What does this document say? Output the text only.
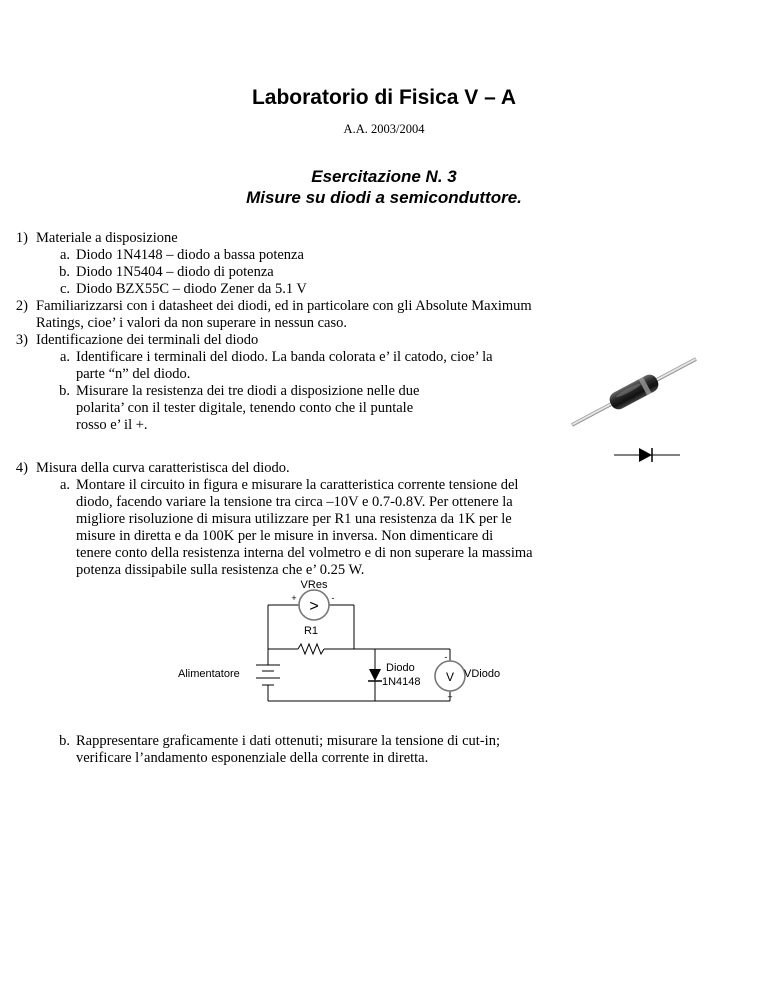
Laboratorio di Fisica V – A
A.A. 2003/2004
Esercitazione N. 3
Misure su diodi a semiconduttore.
1) Materiale a disposizione
a. Diodo 1N4148 – diodo a bassa potenza
b. Diodo 1N5404 – diodo di potenza
c. Diodo BZX55C – diodo Zener da 5.1 V
2) Familiarizzarsi con i datasheet dei diodi, ed in particolare con gli Absolute Maximum
Ratings, cioe’ i valori da non superare in nessun caso.
3) Identificazione dei terminali del diodo
a. Identificare i terminali del diodo. La banda colorata e’ il catodo, cioe’ la
parte “n” del diodo.
b. Misurare la resistenza dei tre diodi a disposizione nelle due
polarita’ con il tester digitale, tenendo conto che il puntale
rosso e’ il +.
4) Misura della curva caratteristisca del diodo.
a. Montare il circuito in figura e misurare la caratteristica corrente tensione del
diodo, facendo variare la tensione tra circa –10V e 0.7-0.8V. Per ottenere la
migliore risoluzione di misura utilizzare per R1 una resistenza da 1K per le
misure in diretta e da 100K per le misure in inversa. Non dimenticare di
tenere conto della resistenza interna del volmetro e di non superare la massima
potenza dissipabile sulla resistenza che e’ 0.25 W.
VRes
+	-
>
R1
Alimentatore	Diodo
1N4148 V VDiodo
-
+
b. Rappresentare graficamente i dati ottenuti; misurare la tensione di cut-in;
verificare l’andamento esponenziale della corrente in diretta.
